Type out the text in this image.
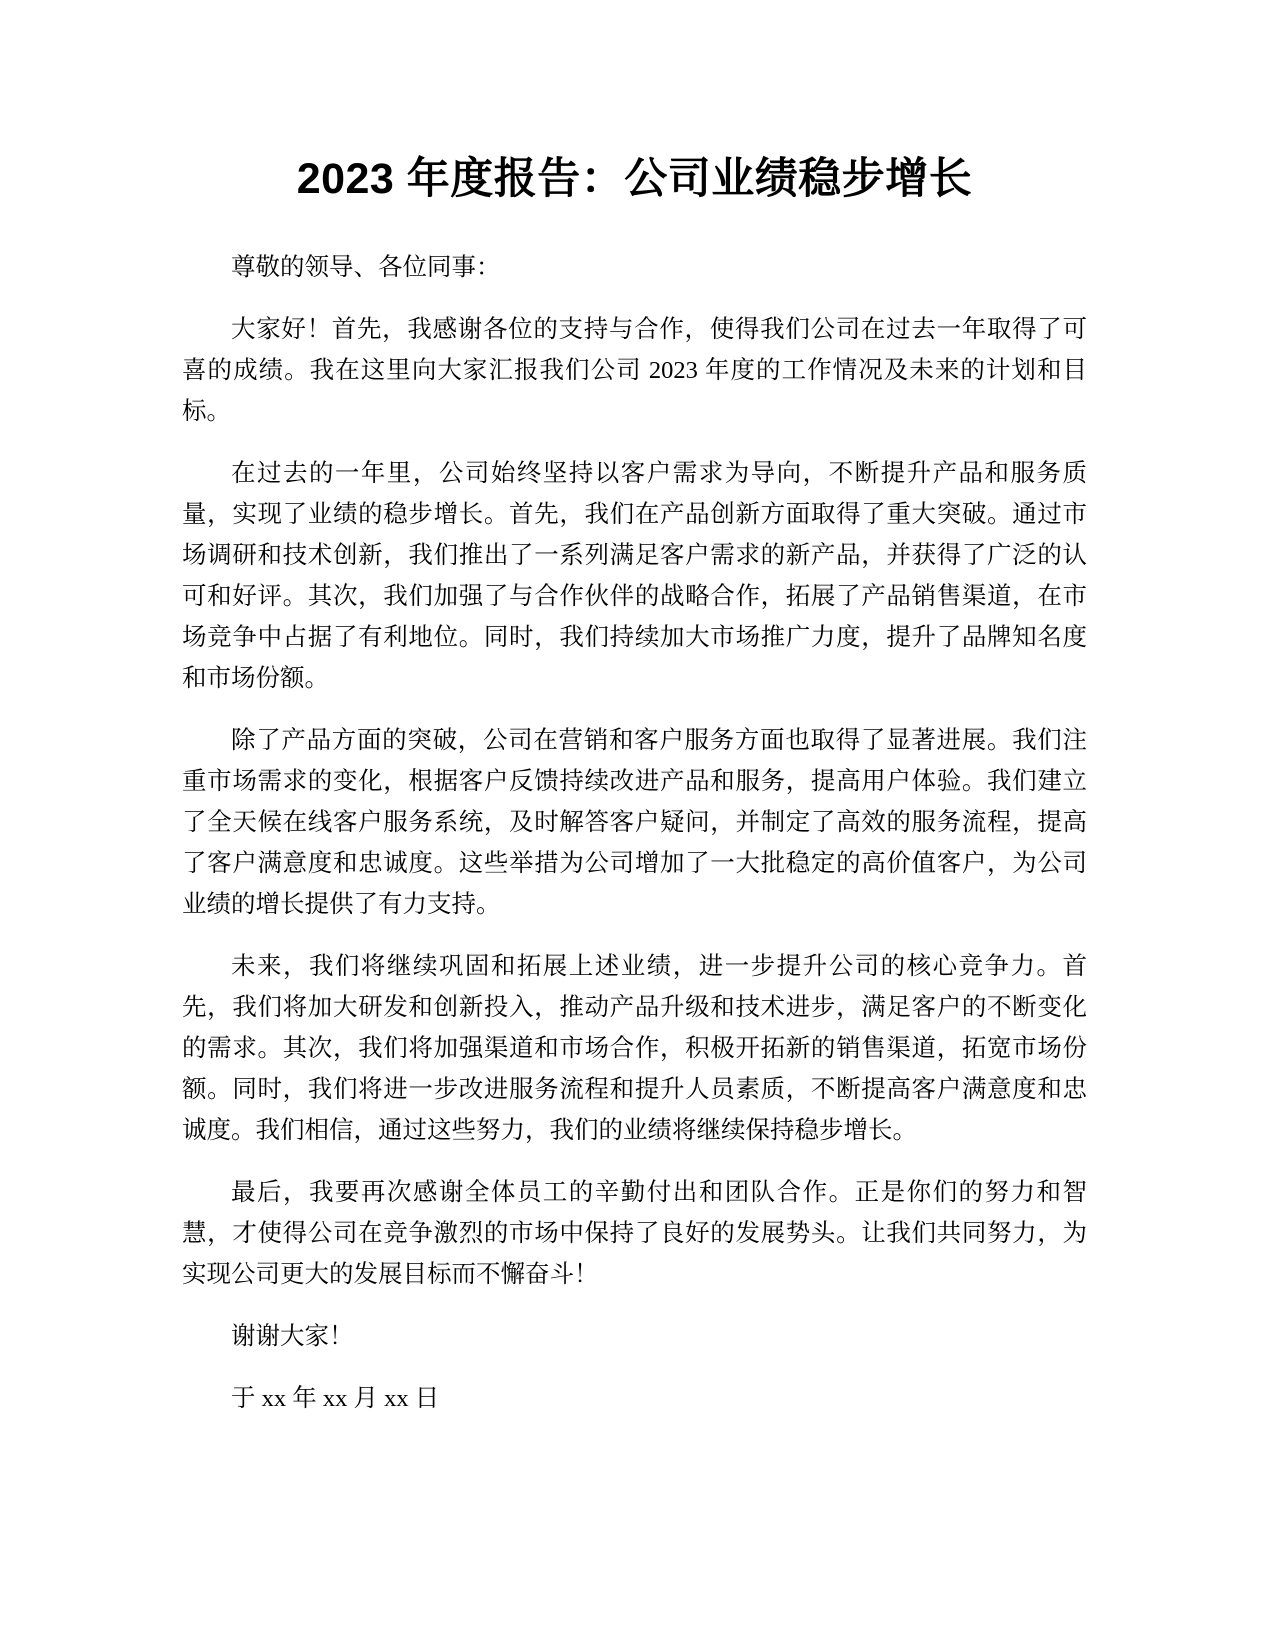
2023 年度报告：公司业绩稳步增长

尊敬的领导、各位同事：

大家好！首先，我感谢各位的支持与合作，使得我们公司在过去一年取得了可喜的成绩。我在这里向大家汇报我们公司 2023 年度的工作情况及未来的计划和目标。

在过去的一年里，公司始终坚持以客户需求为导向，不断提升产品和服务质量，实现了业绩的稳步增长。首先，我们在产品创新方面取得了重大突破。通过市场调研和技术创新，我们推出了一系列满足客户需求的新产品，并获得了广泛的认可和好评。其次，我们加强了与合作伙伴的战略合作，拓展了产品销售渠道，在市场竞争中占据了有利地位。同时，我们持续加大市场推广力度，提升了品牌知名度和市场份额。

除了产品方面的突破，公司在营销和客户服务方面也取得了显著进展。我们注重市场需求的变化，根据客户反馈持续改进产品和服务，提高用户体验。我们建立了全天候在线客户服务系统，及时解答客户疑问，并制定了高效的服务流程，提高了客户满意度和忠诚度。这些举措为公司增加了一大批稳定的高价值客户，为公司业绩的增长提供了有力支持。

未来，我们将继续巩固和拓展上述业绩，进一步提升公司的核心竞争力。首先，我们将加大研发和创新投入，推动产品升级和技术进步，满足客户的不断变化的需求。其次，我们将加强渠道和市场合作，积极开拓新的销售渠道，拓宽市场份额。同时，我们将进一步改进服务流程和提升人员素质，不断提高客户满意度和忠诚度。我们相信，通过这些努力，我们的业绩将继续保持稳步增长。

最后，我要再次感谢全体员工的辛勤付出和团队合作。正是你们的努力和智慧，才使得公司在竞争激烈的市场中保持了良好的发展势头。让我们共同努力，为实现公司更大的发展目标而不懈奋斗！

谢谢大家！

于 xx 年 xx 月 xx 日
